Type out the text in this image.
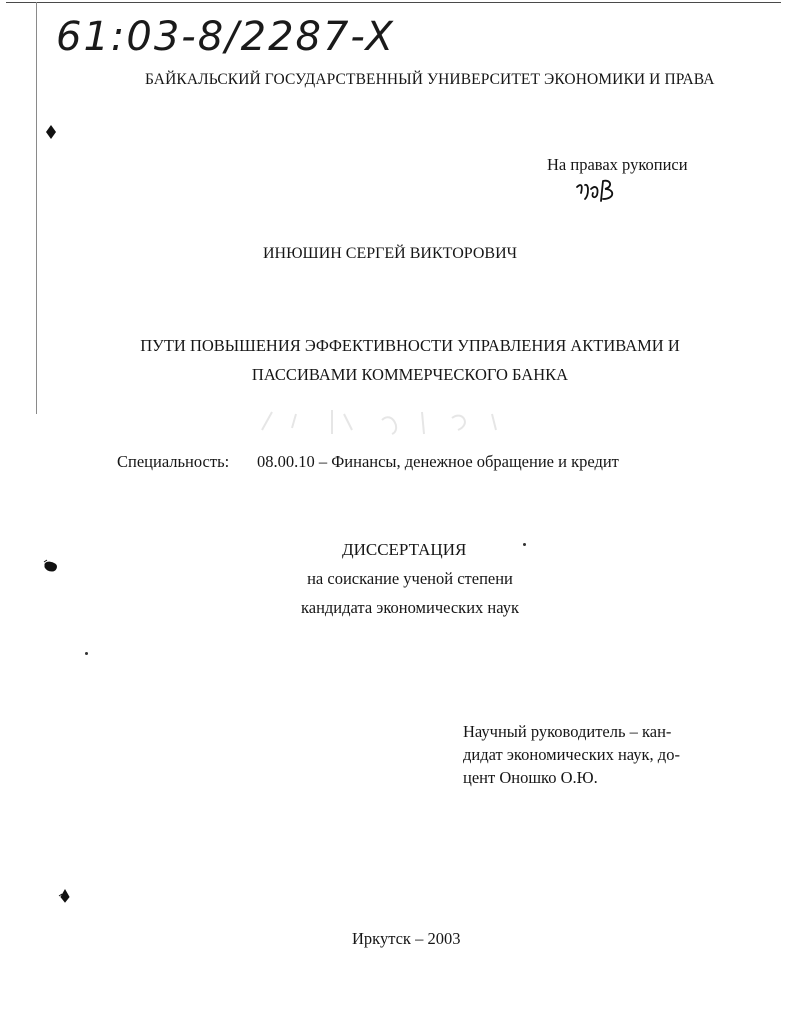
61:03-8/2287-X
БАЙКАЛЬСКИЙ ГОСУДАРСТВЕННЫЙ УНИВЕРСИТЕТ ЭКОНОМИКИ И ПРАВА
На правах рукописи
ИНЮШИН СЕРГЕЙ ВИКТОРОВИЧ
ПУТИ ПОВЫШЕНИЯ ЭФФЕКТИВНОСТИ УПРАВЛЕНИЯ АКТИВАМИ И
ПАССИВАМИ КОММЕРЧЕСКОГО БАНКА
Специальность: 08.00.10 – Финансы, денежное обращение и кредит
ДИССЕРТАЦИЯ
на соискание ученой степени
кандидата экономических наук
Научный руководитель – кан-
дидат экономических наук, до-
цент Оношко О.Ю.
Иркутск – 2003
